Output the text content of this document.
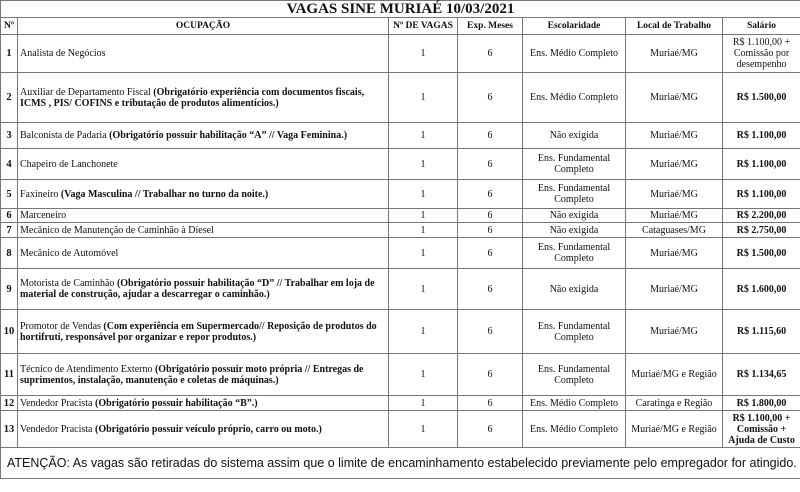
VAGAS SINE MURIAÉ 10/03/2021						
Nº	OCUPAÇÃO	Nº DE VAGAS	Exp. Meses	Escolaridade	Local de Trabalho	Salário
1	Analista de Negócios	1	6	Ens. Médio Completo	Muriaé/MG	R$ 1.100,00 + Comissão por desempenho
2	Auxiliar de Departamento Fiscal (Obrigatório experiência com documentos fiscais, ICMS , PIS/ COFINS e tributação de produtos alimentícios.)	1	6	Ens. Médio Completo	Muriaé/MG	R$ 1.500,00
3	Balconista de Padaria (Obrigatório possuir habilitação “A” // Vaga Feminina.)	1	6	Não exigida	Muriaé/MG	R$ 1.100,00
4	Chapeiro de Lanchonete	1	6	Ens. Fundamental Completo	Muriaé/MG	R$ 1.100,00
5	Faxineiro (Vaga Masculina // Trabalhar no turno da noite.)	1	6	Ens. Fundamental Completo	Muriaé/MG	R$ 1.100,00
6	Marceneiro	1	6	Não exigida	Muriaé/MG	R$ 2.200,00
7	Mecânico de Manutenção de Caminhão à Diesel	1	6	Não exigida	Cataguases/MG	R$ 2.750,00
8	Mecânico de Automóvel	1	6	Ens. Fundamental Completo	Muriaé/MG	R$ 1.500,00
9	Motorista de Caminhão (Obrigatório possuir habilitação “D” // Trabalhar em loja de material de construção, ajudar a descarregar o caminhão.)	1	6	Não exigida	Muriaé/MG	R$ 1.600,00
10	Promotor de Vendas (Com experiência em Supermercado// Reposição de produtos do hortifruti, responsável por organizar e repor produtos.)	1	6	Ens. Fundamental Completo	Muriaé/MG	R$ 1.115,60
11	Técnico de Atendimento Externo (Obrigatório possuir moto própria // Entregas de suprimentos, instalação, manutenção e coletas de máquinas.)	1	6	Ens. Fundamental Completo	Muriaé/MG e Região	R$ 1.134,65
12	Vendedor Pracista (Obrigatório possuir habilitação “B”.)	1	6	Ens. Médio Completo	Caratinga e Região	R$ 1.800,00
13	Vendedor Pracista (Obrigatório possuir veículo próprio, carro ou moto.)	1	6	Ens. Médio Completo	Muriaé/MG e Região	R$ 1.100,00 + Comissão + Ajuda de Custo
ATENÇÃO: As vagas são retiradas do sistema assim que o limite de encaminhamento estabelecido previamente pelo empregador for atingido.						
